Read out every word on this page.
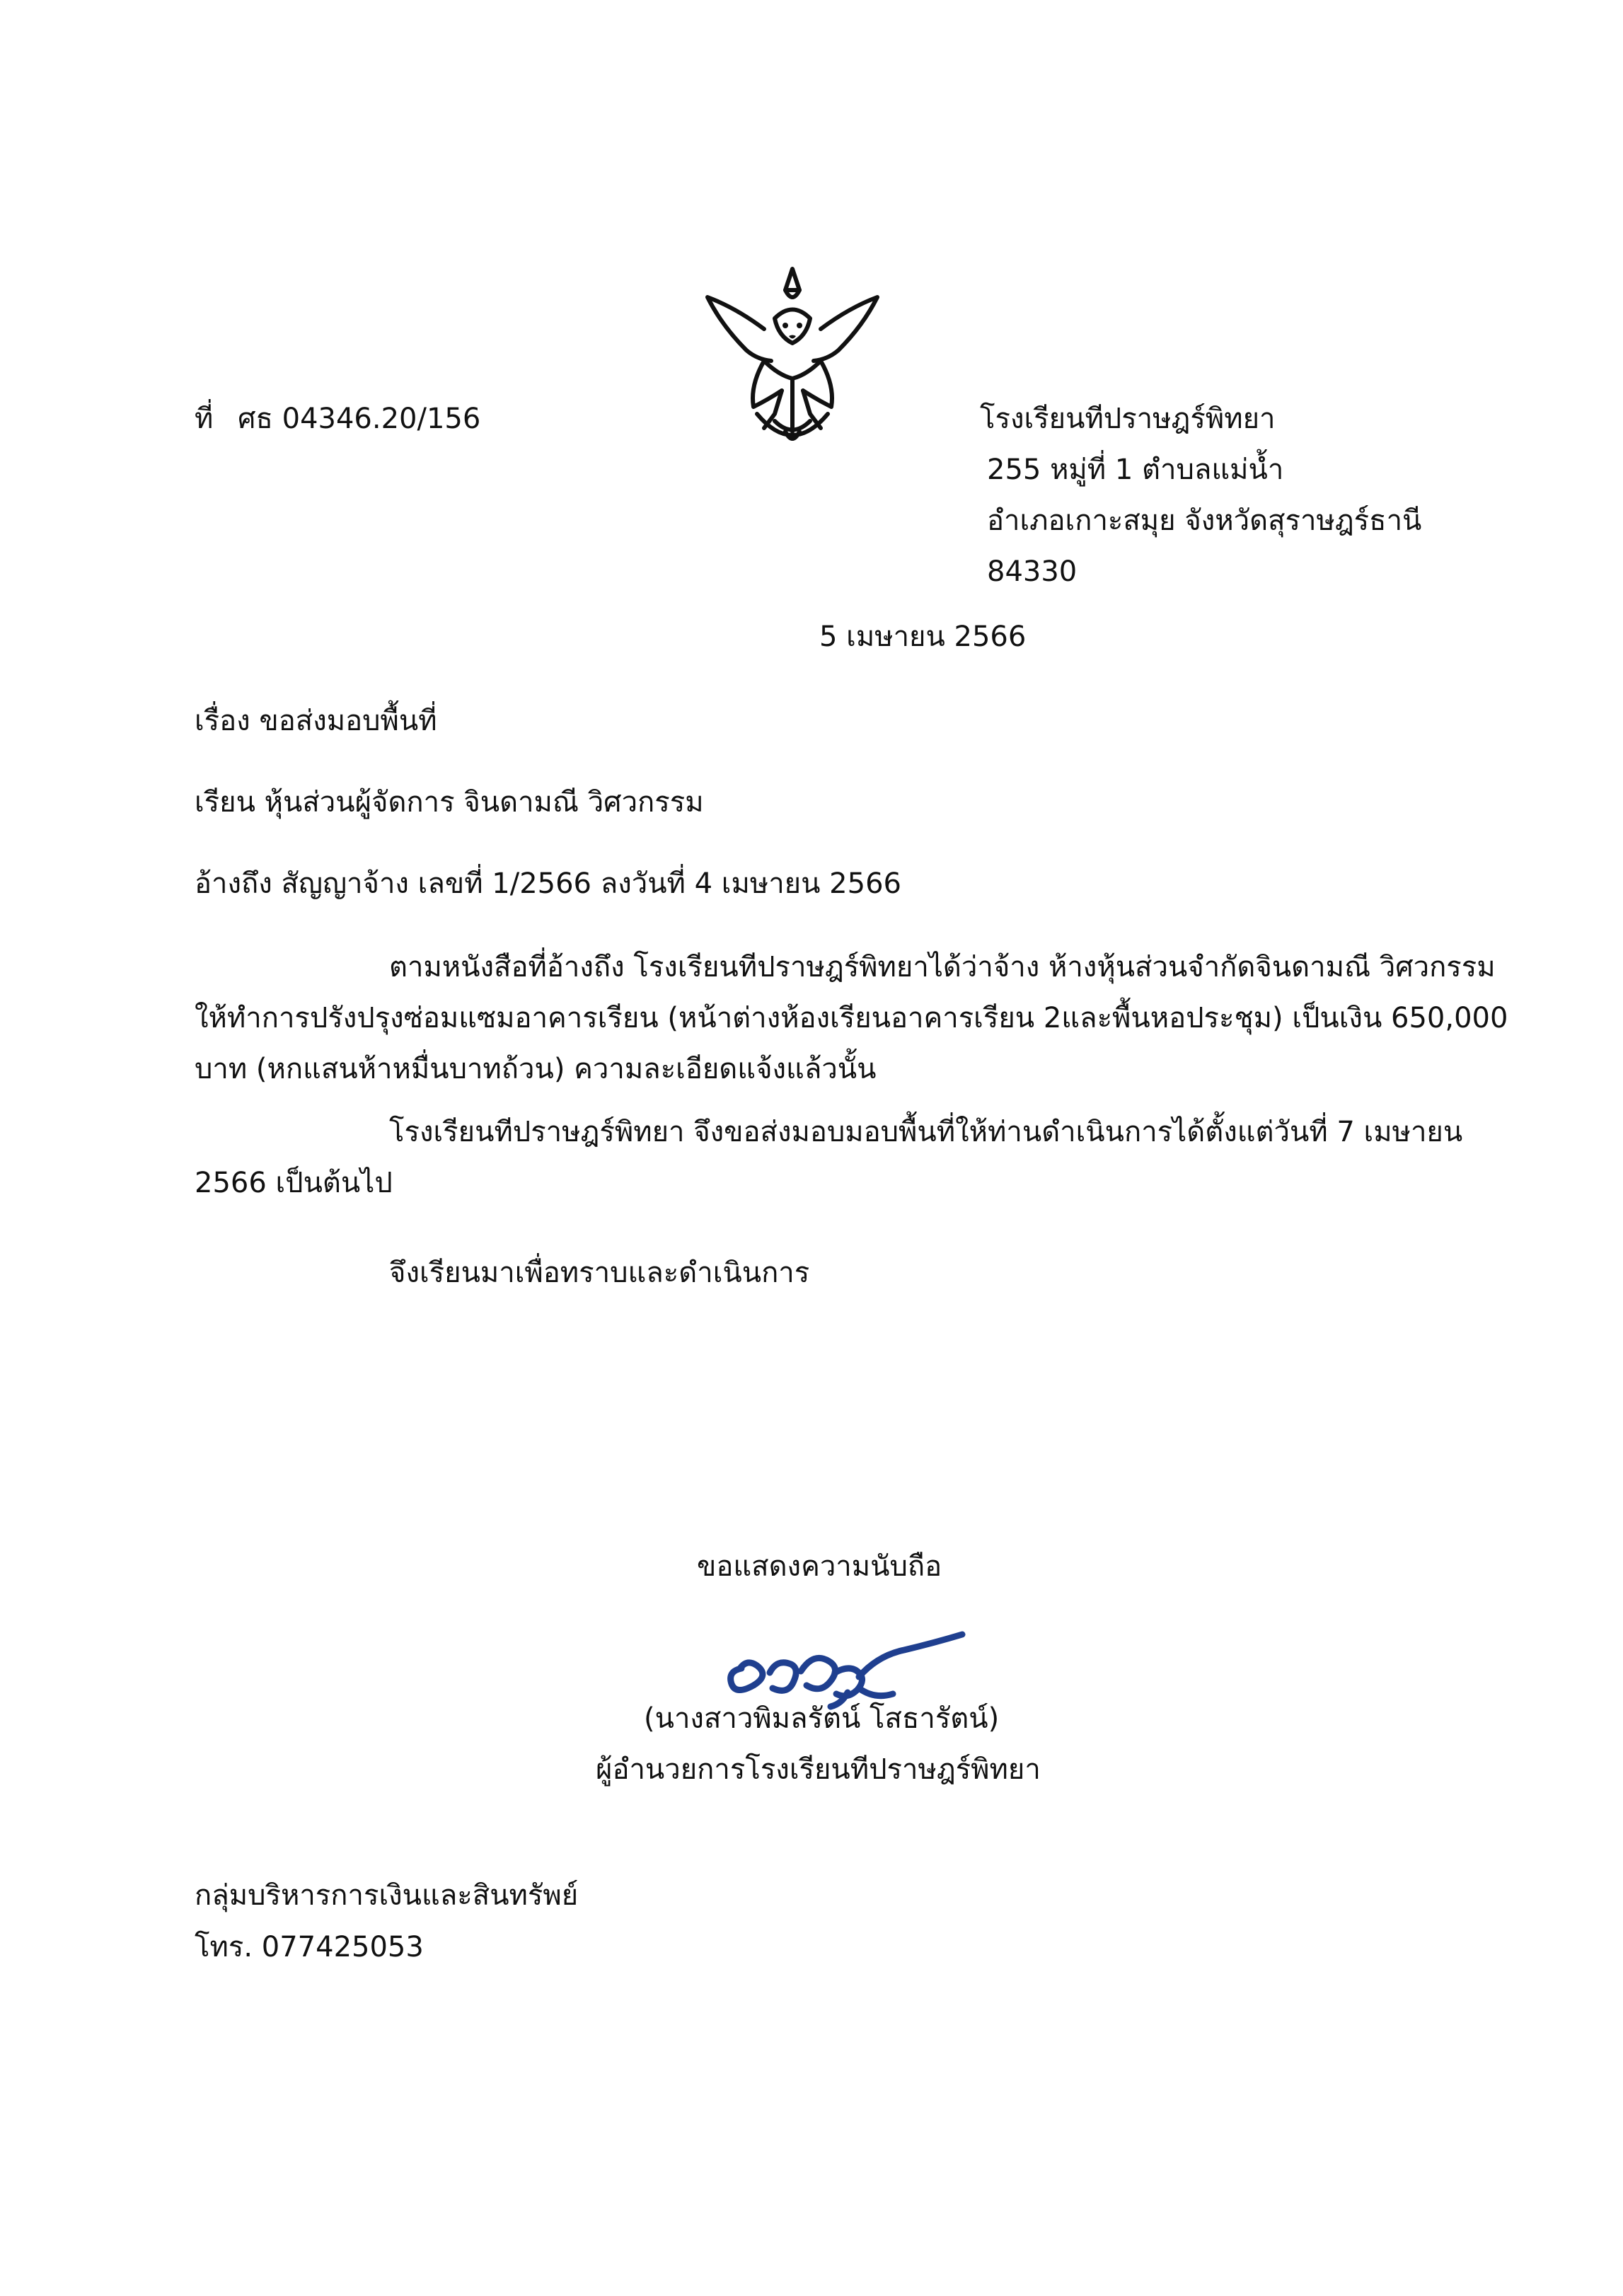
ที่ ศธ 04346.20/156	โรงเรียนทีปราษฎร์พิทยา
255 หมู่ที่ 1 ตำบลแม่น้ำ
อำเภอเกาะสมุย จังหวัดสุราษฎร์ธานี
84330
5 เมษายน 2566
เรื่อง ขอส่งมอบพื้นที่
เรียน หุ้นส่วนผู้จัดการ จินดามณี วิศวกรรม
อ้างถึง สัญญาจ้าง เลขที่ 1/2566 ลงวันที่ 4 เมษายน 2566
ตามหนังสือที่อ้างถึง โรงเรียนทีปราษฎร์พิทยาได้ว่าจ้าง ห้างหุ้นส่วนจำกัดจินดามณี วิศวกรรม
ให้ทำการปรังปรุงซ่อมแซมอาคารเรียน (หน้าต่างห้องเรียนอาคารเรียน 2และพื้นหอประชุม) เป็นเงิน 650,000
บาท (หกแสนห้าหมื่นบาทถ้วน) ความละเอียดแจ้งแล้วนั้น
โรงเรียนทีปราษฎร์พิทยา จึงขอส่งมอบมอบพื้นที่ให้ท่านดำเนินการได้ตั้งแต่วันที่ 7 เมษายน
2566 เป็นต้นไป
จึงเรียนมาเพื่อทราบและดำเนินการ
ขอแสดงความนับถือ
(นางสาวพิมลรัตน์ โสธารัตน์)
ผู้อำนวยการโรงเรียนทีปราษฎร์พิทยา
กลุ่มบริหารการเงินและสินทรัพย์
โทร. 077425053
